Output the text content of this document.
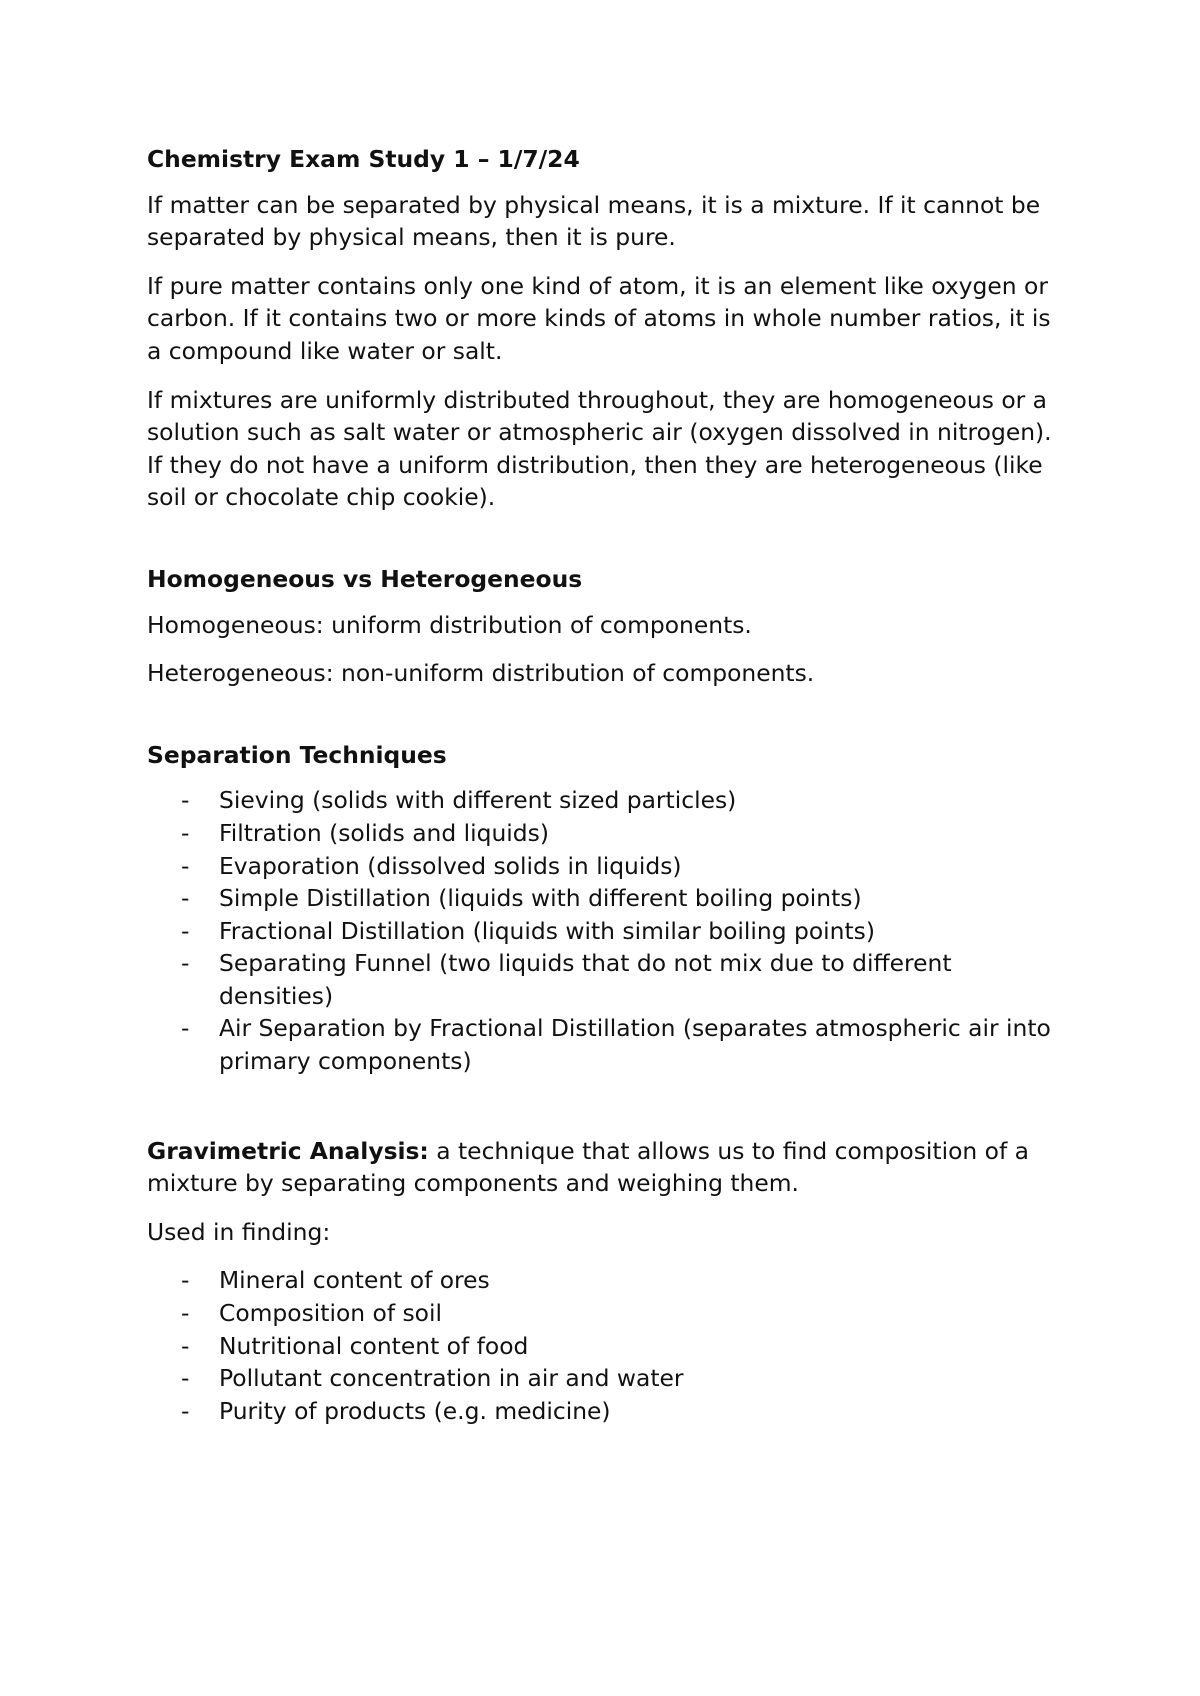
Chemistry Exam Study 1 – 1/7/24

If matter can be separated by physical means, it is a mixture. If it cannot be separated by physical means, then it is pure.

If pure matter contains only one kind of atom, it is an element like oxygen or carbon. If it contains two or more kinds of atoms in whole number ratios, it is a compound like water or salt.

If mixtures are uniformly distributed throughout, they are homogeneous or a solution such as salt water or atmospheric air (oxygen dissolved in nitrogen). If they do not have a uniform distribution, then they are heterogeneous (like soil or chocolate chip cookie).

Homogeneous vs Heterogeneous

Homogeneous: uniform distribution of components.

Heterogeneous: non-uniform distribution of components.

Separation Techniques

- Sieving (solids with different sized particles)
- Filtration (solids and liquids)
- Evaporation (dissolved solids in liquids)
- Simple Distillation (liquids with different boiling points)
- Fractional Distillation (liquids with similar boiling points)
- Separating Funnel (two liquids that do not mix due to different densities)
- Air Separation by Fractional Distillation (separates atmospheric air into primary components)

Gravimetric Analysis: a technique that allows us to find composition of a mixture by separating components and weighing them.

Used in finding:

- Mineral content of ores
- Composition of soil
- Nutritional content of food
- Pollutant concentration in air and water
- Purity of products (e.g. medicine)
